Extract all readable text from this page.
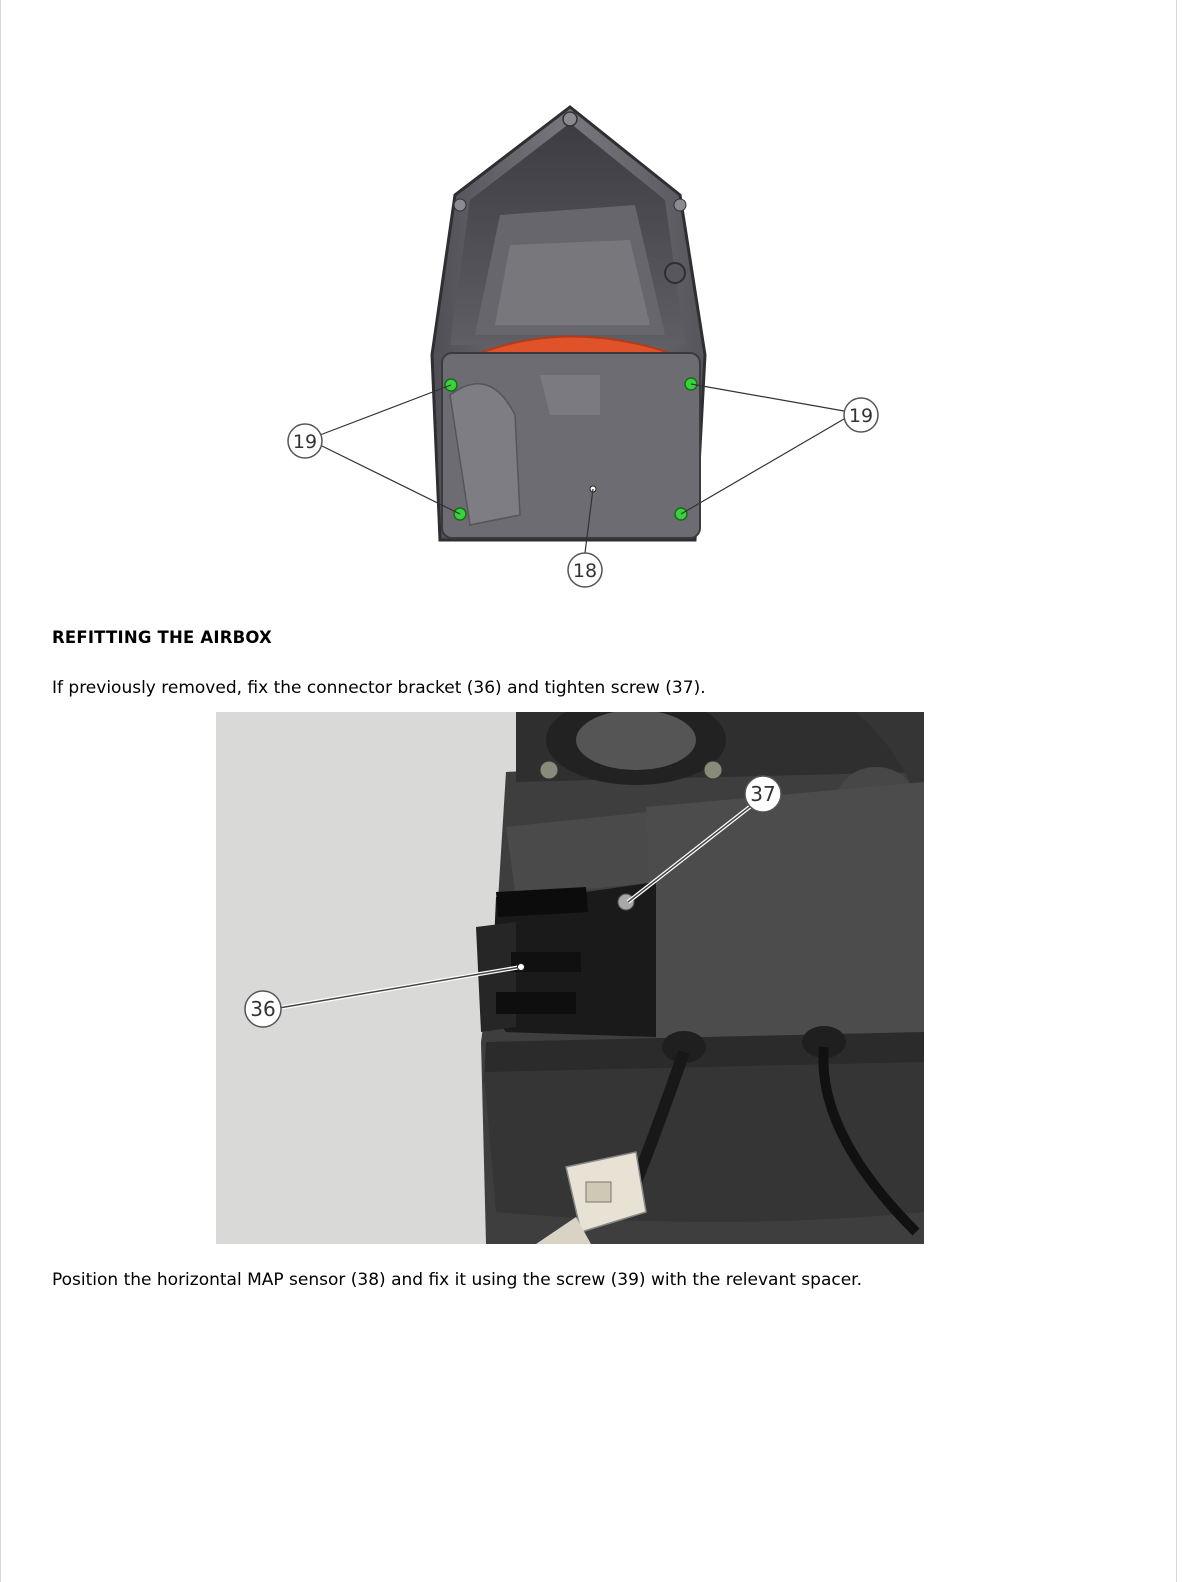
19
19
18
REFITTING THE AIRBOX
If previously removed, fix the connector bracket (36) and tighten screw (37).
36
37
Position the horizontal MAP sensor (38) and fix it using the screw (39) with the relevant spacer.
